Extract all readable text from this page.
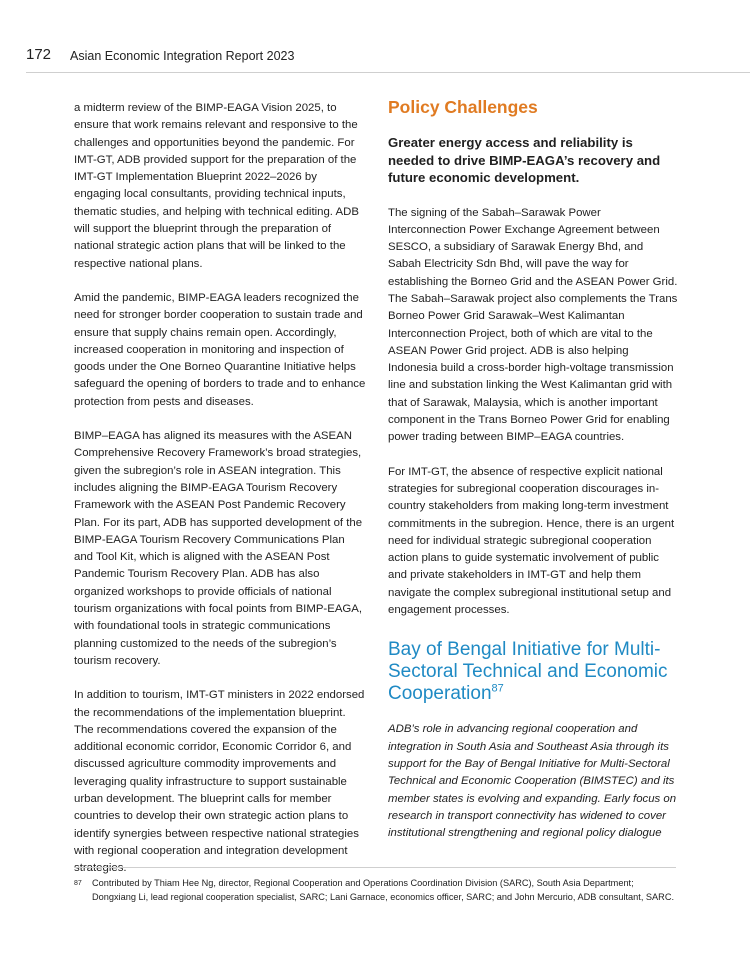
172 Asian Economic Integration Report 2023

a midterm review of the BIMP-EAGA Vision 2025, to ensure that work remains relevant and responsive to the challenges and opportunities beyond the pandemic. For IMT-GT, ADB provided support for the preparation of the IMT-GT Implementation Blueprint 2022–2026 by engaging local consultants, providing technical inputs, thematic studies, and helping with technical editing. ADB will support the blueprint through the preparation of national strategic action plans that will be linked to the respective national plans.

Amid the pandemic, BIMP-EAGA leaders recognized the need for stronger border cooperation to sustain trade and ensure that supply chains remain open. Accordingly, increased cooperation in monitoring and inspection of goods under the One Borneo Quarantine Initiative helps safeguard the opening of borders to trade and to enhance protection from pests and diseases.

BIMP–EAGA has aligned its measures with the ASEAN Comprehensive Recovery Framework’s broad strategies, given the subregion’s role in ASEAN integration. This includes aligning the BIMP-EAGA Tourism Recovery Framework with the ASEAN Post Pandemic Recovery Plan. For its part, ADB has supported development of the BIMP-EAGA Tourism Recovery Communications Plan and Tool Kit, which is aligned with the ASEAN Post Pandemic Tourism Recovery Plan. ADB has also organized workshops to provide officials of national tourism organizations with focal points from BIMP-EAGA, with foundational tools in strategic communications planning customized to the needs of the subregion’s tourism recovery.

In addition to tourism, IMT-GT ministers in 2022 endorsed the recommendations of the implementation blueprint. The recommendations covered the expansion of the additional economic corridor, Economic Corridor 6, and discussed agriculture commodity improvements and leveraging quality infrastructure to support sustainable urban development. The blueprint calls for member countries to develop their own strategic action plans to identify synergies between respective national strategies with regional cooperation and integration development strategies.

Policy Challenges

Greater energy access and reliability is needed to drive BIMP-EAGA’s recovery and future economic development.

The signing of the Sabah–Sarawak Power Interconnection Power Exchange Agreement between SESCO, a subsidiary of Sarawak Energy Bhd, and Sabah Electricity Sdn Bhd, will pave the way for establishing the Borneo Grid and the ASEAN Power Grid. The Sabah–Sarawak project also complements the Trans Borneo Power Grid Sarawak–West Kalimantan Interconnection Project, both of which are vital to the ASEAN Power Grid project. ADB is also helping Indonesia build a cross-border high-voltage transmission line and substation linking the West Kalimantan grid with that of Sarawak, Malaysia, which is another important component in the Trans Borneo Power Grid for enabling power trading between BIMP–EAGA countries.

For IMT-GT, the absence of respective explicit national strategies for subregional cooperation discourages in-country stakeholders from making long-term investment commitments in the subregion. Hence, there is an urgent need for individual strategic subregional cooperation action plans to guide systematic involvement of public and private stakeholders in IMT-GT and help them navigate the complex subregional institutional setup and engagement processes.

Bay of Bengal Initiative for Multi-Sectoral Technical and Economic Cooperation$^{87}$

ADB’s role in advancing regional cooperation and integration in South Asia and Southeast Asia through its support for the Bay of Bengal Initiative for Multi-Sectoral Technical and Economic Cooperation (BIMSTEC) and its member states is evolving and expanding. Early focus on research in transport connectivity has widened to cover institutional strengthening and regional policy dialogue

87 Contributed by Thiam Hee Ng, director, Regional Cooperation and Operations Coordination Division (SARC), South Asia Department; Dongxiang Li, lead regional cooperation specialist, SARC; Lani Garnace, economics officer, SARC; and John Mercurio, ADB consultant, SARC.
